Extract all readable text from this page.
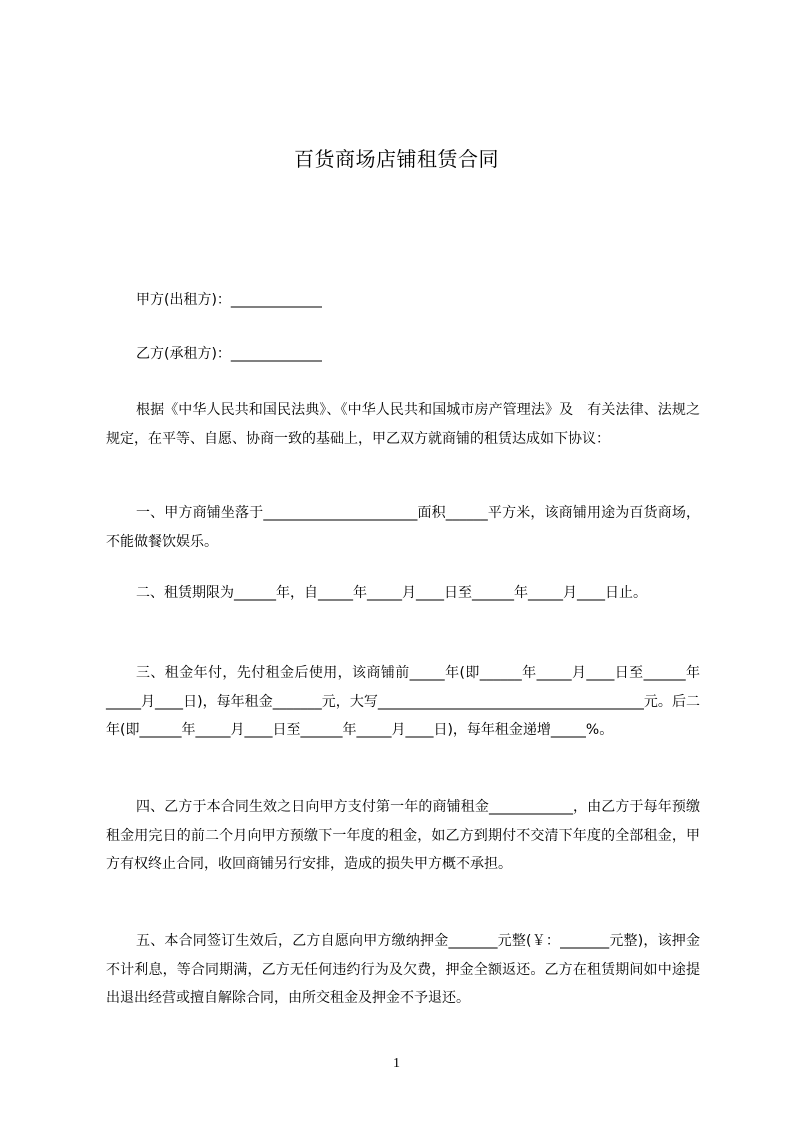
百货商场店铺租赁合同
甲方(出租方)：_____________
乙方(承租方)：_____________
根据《中华人民共和国民法典》、《中华人民共和国城市房产管理法》及　有关法律、法规之规定，在平等、自愿、协商一致的基础上，甲乙双方就商铺的租赁达成如下协议：
一、甲方商铺坐落于______________________面积______平方米，该商铺用途为百货商场，不能做餐饮娱乐。
二、租赁期限为______年，自_____年_____月____日至______年_____月____日止。
三、租金年付，先付租金后使用，该商铺前_____年(即______年_____月____日至______年_____月____日)，每年租金_______元，大写______________________________________元。后二年(即______年_____月____日至______年_____月____日)，每年租金递增_____%。
四、乙方于本合同生效之日向甲方支付第一年的商铺租金____________，由乙方于每年预缴租金用完日的前二个月向甲方预缴下一年度的租金，如乙方到期付不交清下年度的全部租金，甲方有权终止合同，收回商铺另行安排，造成的损失甲方概不承担。
五、本合同签订生效后，乙方自愿向甲方缴纳押金_______元整(￥：_______元整)，该押金不计利息，等合同期满，乙方无任何违约行为及欠费，押金全额返还。乙方在租赁期间如中途提出退出经营或擅自解除合同，由所交租金及押金不予退还。
1
